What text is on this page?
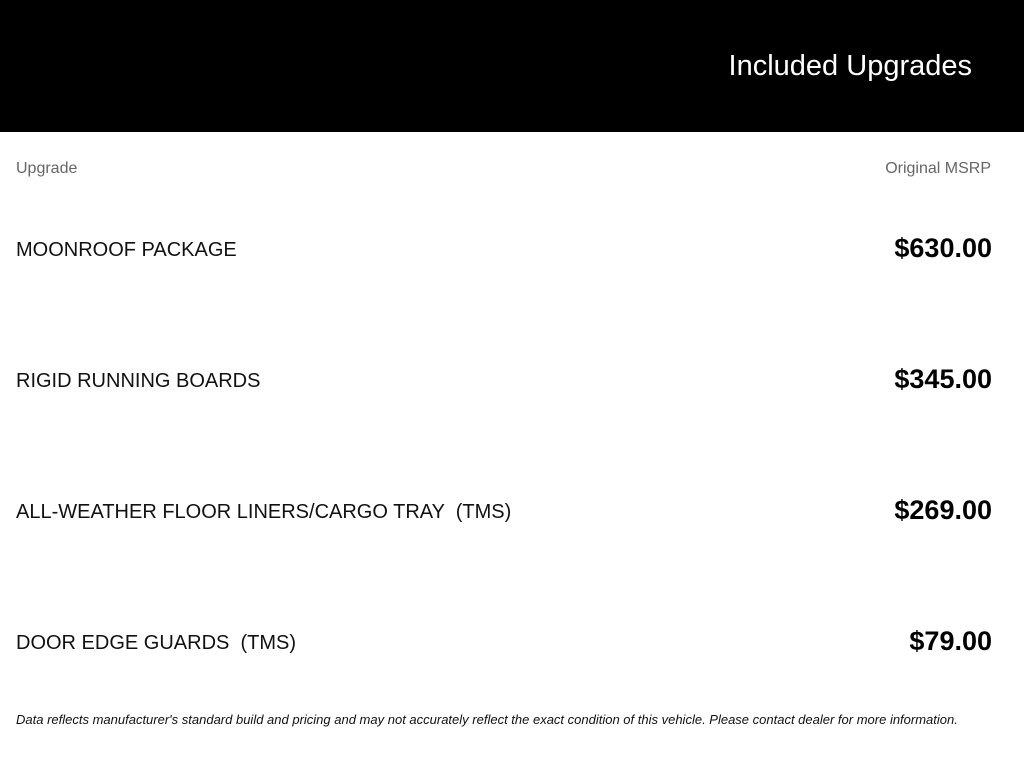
Included Upgrades
Upgrade	Original MSRP
MOONROOF PACKAGE	$630.00
RIGID RUNNING BOARDS	$345.00
ALL-WEATHER FLOOR LINERS/CARGO TRAY  (TMS)	$269.00
DOOR EDGE GUARDS  (TMS)	$79.00
Data reflects manufacturer's standard build and pricing and may not accurately reflect the exact condition of this vehicle. Please contact dealer for more information.
